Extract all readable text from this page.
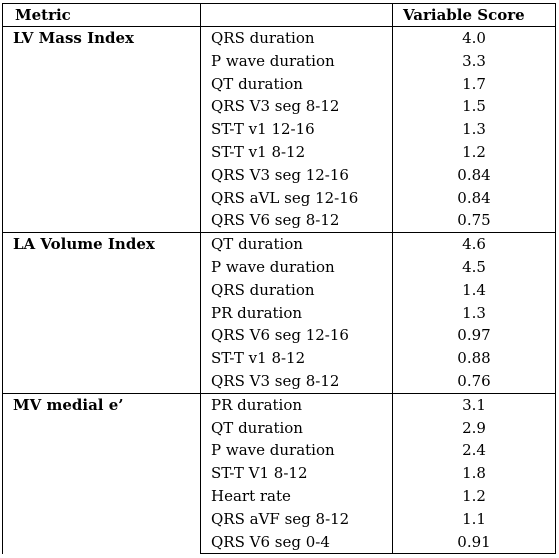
Metric		Variable Score
LV Mass Index	QRS duration	4.0
	P wave duration	3.3
	QT duration	1.7
	QRS V3 seg 8-12	1.5
	ST-T v1 12-16	1.3
	ST-T v1 8-12	1.2
	QRS V3 seg 12-16	0.84
	QRS aVL seg 12-16	0.84
	QRS V6 seg 8-12	0.75
LA Volume Index	QT duration	4.6
	P wave duration	4.5
	QRS duration	1.4
	PR duration	1.3
	QRS V6 seg 12-16	0.97
	ST-T v1 8-12	0.88
	QRS V3 seg 8-12	0.76
MV medial e’	PR duration	3.1
	QT duration	2.9
	P wave duration	2.4
	ST-T V1 8-12	1.8
	Heart rate	1.2
	QRS aVF seg 8-12	1.1
	QRS V6 seg 0-4	0.91
